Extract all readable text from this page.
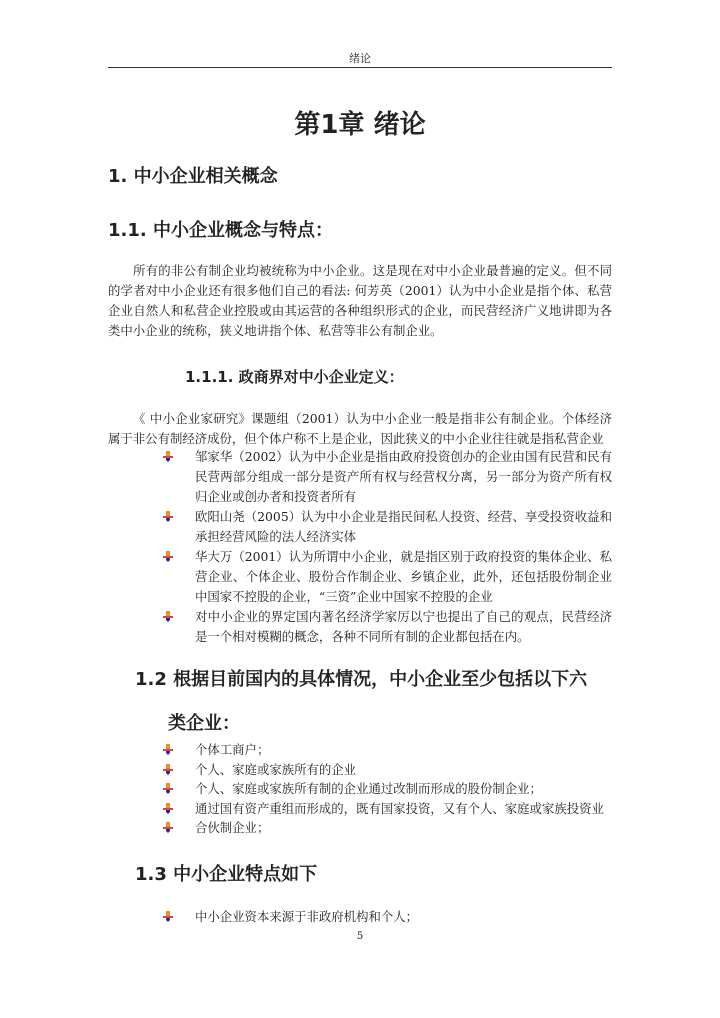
绪论
第1章 绪论
1. 中小企业相关概念
1.1. 中小企业概念与特点：
所有的非公有制企业均被统称为中小企业。这是现在对中小企业最普遍的定义。但不同的学者对中小企业还有很多他们自己的看法: 何芳英（2001）认为中小企业是指个体、私营企业自然人和私营企业控股或由其运营的各种组织形式的企业，而民营经济广义地讲即为各类中小企业的统称，狭义地讲指个体、私营等非公有制企业。
1.1.1. 政商界对中小企业定义：
《 中小企业家研究》课题组（2001）认为中小企业一般是指非公有制企业。个体经济属于非公有制经济成份，但个体户称不上是企业，因此狭义的中小企业往往就是指私营企业
邹家华（2002）认为中小企业是指由政府投资创办的企业由国有民营和民有民营两部分组成一部分是资产所有权与经营权分离，另一部分为资产所有权归企业或创办者和投资者所有
欧阳山尧（2005）认为中小企业是指民间私人投资、经营、享受投资收益和承担经营风险的法人经济实体
华大万（2001）认为所谓中小企业，就是指区别于政府投资的集体企业、私营企业、个体企业、股份合作制企业、乡镇企业，此外，还包括股份制企业中国家不控股的企业，“三资”企业中国家不控股的企业
对中小企业的界定国内著名经济学家厉以宁也提出了自己的观点，民营经济是一个相对模糊的概念，各种不同所有制的企业都包括在内。
1.2 根据目前国内的具体情况，中小企业至少包括以下六
类企业：
个体工商户；
个人、家庭或家族所有的企业
个人、家庭或家族所有制的企业通过改制而形成的股份制企业；
通过国有资产重组而形成的，既有国家投资，又有个人、家庭或家族投资业
合伙制企业；
1.3 中小企业特点如下
中小企业资本来源于非政府机构和个人；
5
